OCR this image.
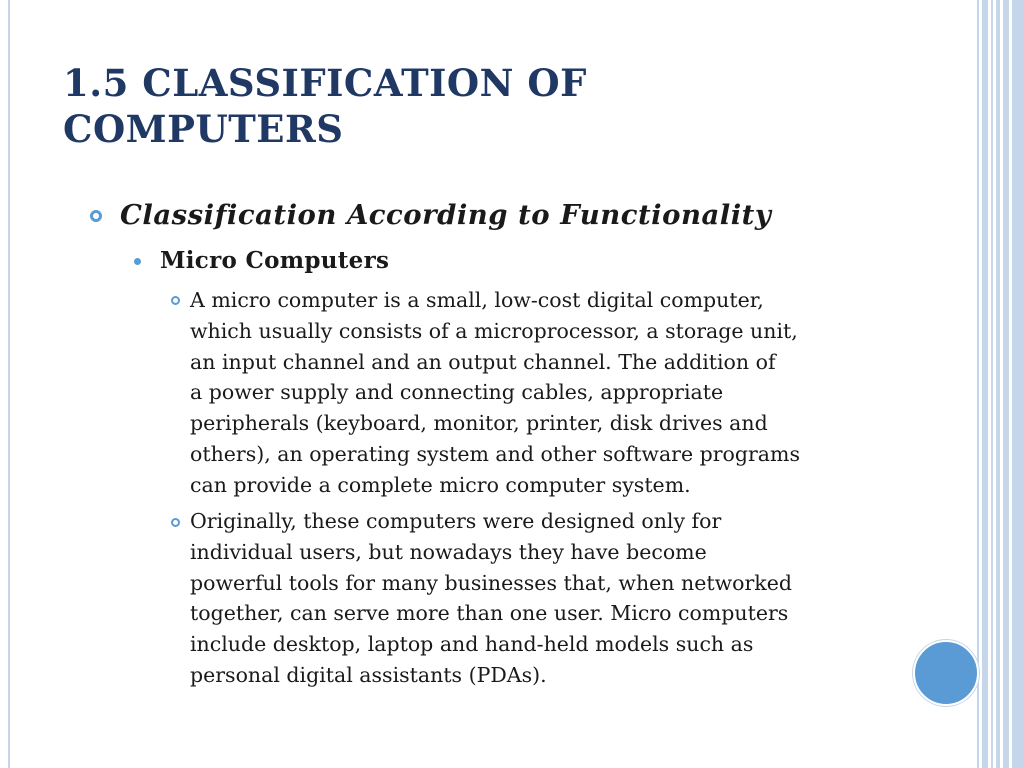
1.5 CLASSIFICATION OF
COMPUTERS
Classification According to Functionality
Micro Computers
A micro computer is a small, low-cost digital computer,
which usually consists of a microprocessor, a storage unit,
an input channel and an output channel. The addition of
a power supply and connecting cables, appropriate
peripherals (keyboard, monitor, printer, disk drives and
others), an operating system and other software programs
can provide a complete micro computer system.
Originally, these computers were designed only for
individual users, but nowadays they have become
powerful tools for many businesses that, when networked
together, can serve more than one user. Micro computers
include desktop, laptop and hand-held models such as
personal digital assistants (PDAs).
